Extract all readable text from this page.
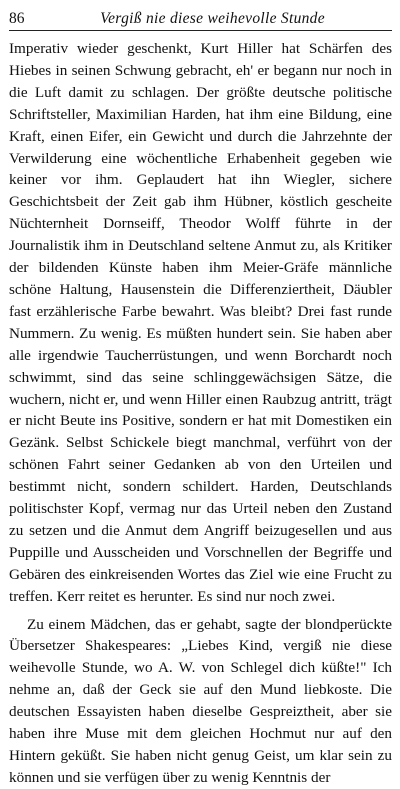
86	Vergiß nie diese weihevolle Stunde

Imperativ wieder geschenkt, Kurt Hiller hat Schärfen des Hiebes in seinen Schwung gebracht, eh' er begann nur noch in die Luft damit zu schlagen. Der größte deutsche politische Schriftsteller, Maximilian Harden, hat ihm eine Bildung, eine Kraft, einen Eifer, ein Gewicht und durch die Jahrzehnte der Verwilderung eine wöchentliche Erhabenheit gegeben wie keiner vor ihm. Geplaudert hat ihn Wiegler, sichere Geschichtsbeit der Zeit gab ihm Hübner, köstlich gescheite Nüchternheit Dornseiff, Theodor Wolff führte in der Journalistik ihm in Deutschland seltene Anmut zu, als Kritiker der bildenden Künste haben ihm Meier-Gräfe männliche schöne Haltung, Hausenstein die Differenziertheit, Däubler fast erzählerische Farbe bewahrt. Was bleibt? Drei fast runde Nummern. Zu wenig. Es müßten hundert sein. Sie haben aber alle irgendwie Taucherrüstungen, und wenn Borchardt noch schwimmt, sind das seine schlinggewächsigen Sätze, die wuchern, nicht er, und wenn Hiller einen Raubzug antritt, trägt er nicht Beute ins Positive, sondern er hat mit Domestiken ein Gezänk. Selbst Schickele biegt manchmal, verführt von der schönen Fahrt seiner Gedanken ab von den Urteilen und bestimmt nicht, sondern schildert. Harden, Deutschlands politischster Kopf, vermag nur das Urteil neben den Zustand zu setzen und die Anmut dem Angriff beizugesellen und aus Puppille und Ausscheiden und Vorschnellen der Begriffe und Gebären des einkreisenden Wortes das Ziel wie eine Frucht zu treffen. Kerr reitet es herunter. Es sind nur noch zwei.

Zu einem Mädchen, das er gehabt, sagte der blondperückte Übersetzer Shakespeares: „Liebes Kind, vergiß nie diese weihevolle Stunde, wo A. W. von Schlegel dich küßte!" Ich nehme an, daß der Geck sie auf den Mund liebkoste. Die deutschen Essayisten haben dieselbe Gespreiztheit, aber sie haben ihre Muse mit dem gleichen Hochmut nur auf den Hintern geküßt. Sie haben nicht genug Geist, um klar sein zu können und sie verfügen über zu wenig Kenntnis der
